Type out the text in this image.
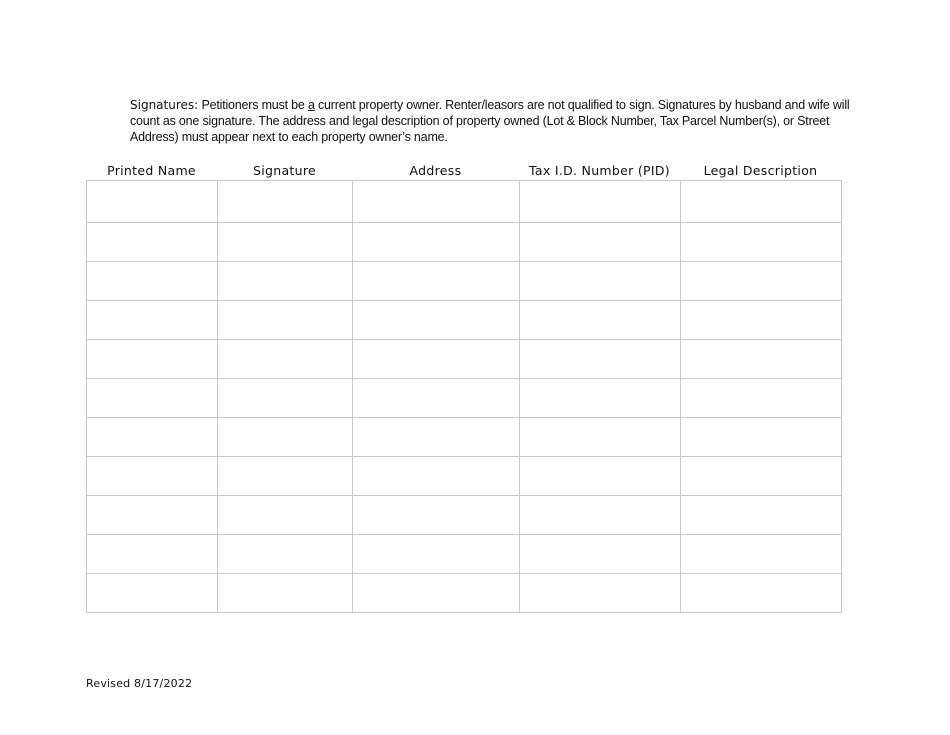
Signatures: Petitioners must be a current property owner. Renter/leasors are not qualified to sign. Signatures by husband and wife will count as one signature. The address and legal description of property owned (Lot & Block Number, Tax Parcel Number(s), or Street Address) must appear next to each property owner’s name.

Printed Name	Signature	Address	Tax I.D. Number (PID)	Legal Description

Revised 8/17/2022
